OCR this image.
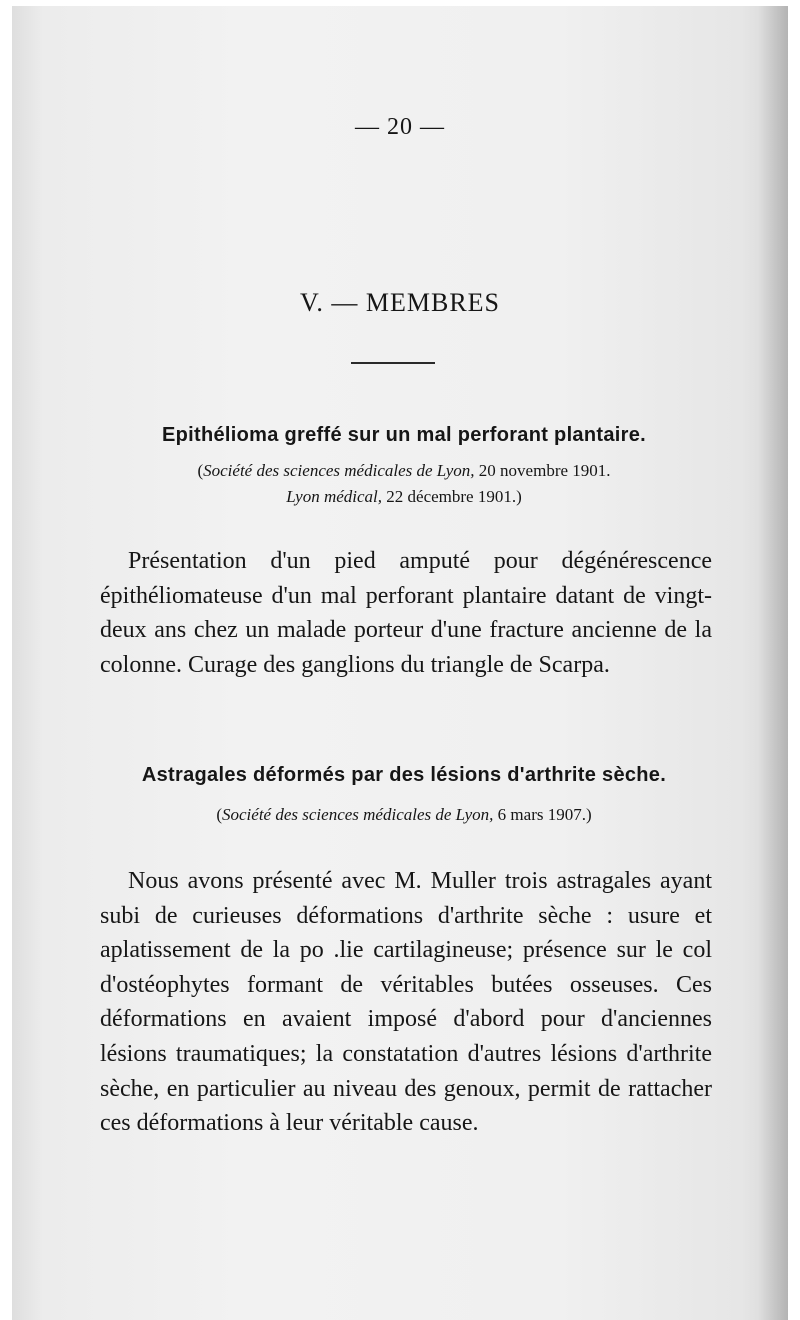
— 20 —
V. — MEMBRES
Epithélioma greffé sur un mal perforant plantaire.
(Société des sciences médicales de Lyon, 20 novembre 1901.
Lyon médical, 22 décembre 1901.)

Présentation d'un pied amputé pour dégénérescence épithéliomateuse d'un mal perforant plantaire datant de vingt-deux ans chez un malade porteur d'une fracture ancienne de la colonne. Curage des ganglions du triangle de Scarpa.

Astragales déformés par des lésions d'arthrite sèche.
(Société des sciences médicales de Lyon, 6 mars 1907.)

Nous avons présenté avec M. Muller trois astragales ayant subi de curieuses déformations d'arthrite sèche : usure et aplatissement de la po .lie cartilagineuse; présence sur le col d'ostéophytes formant de véritables butées osseuses. Ces déformations en avaient imposé d'abord pour d'anciennes lésions traumatiques; la constatation d'autres lésions d'arthrite sèche, en particulier au niveau des genoux, permit de rattacher ces déformations à leur véritable cause.
